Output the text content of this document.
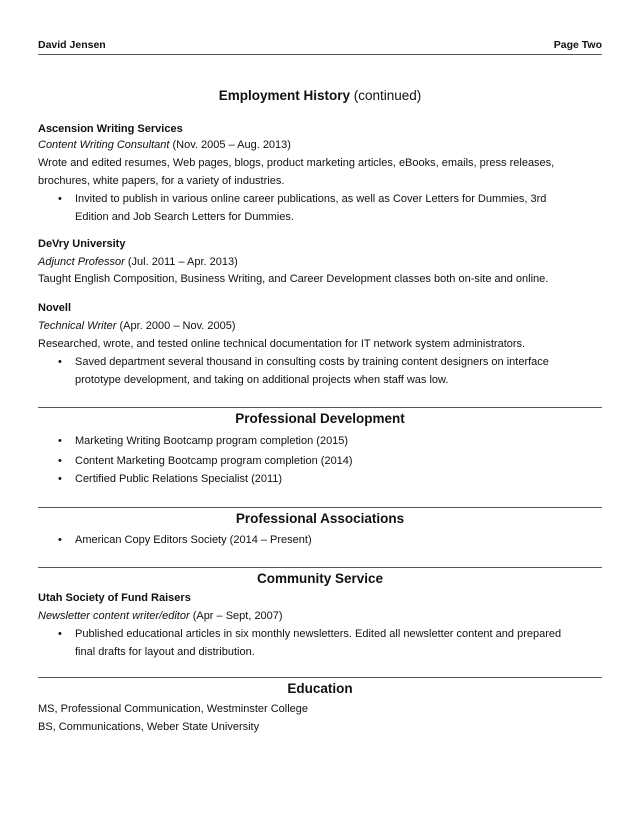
David Jensen	Page Two
Employment History (continued)
Ascension Writing Services
Content Writing Consultant (Nov. 2005 – Aug. 2013)
Wrote and edited resumes, Web pages, blogs, product marketing articles, eBooks, emails, press releases,
brochures, white papers, for a variety of industries.
• Invited to publish in various online career publications, as well as Cover Letters for Dummies, 3rd
Edition and Job Search Letters for Dummies.
DeVry University
Adjunct Professor (Jul. 2011 – Apr. 2013)
Taught English Composition, Business Writing, and Career Development classes both on-site and online.
Novell
Technical Writer (Apr. 2000 – Nov. 2005)
Researched, wrote, and tested online technical documentation for IT network system administrators.
• Saved department several thousand in consulting costs by training content designers on interface
prototype development, and taking on additional projects when staff was low.
Professional Development
• Marketing Writing Bootcamp program completion (2015)
• Content Marketing Bootcamp program completion (2014)
• Certified Public Relations Specialist (2011)
Professional Associations
• American Copy Editors Society (2014 – Present)
Community Service
Utah Society of Fund Raisers
Newsletter content writer/editor (Apr – Sept, 2007)
• Published educational articles in six monthly newsletters. Edited all newsletter content and prepared
final drafts for layout and distribution.
Education
MS, Professional Communication, Westminster College
BS, Communications, Weber State University
